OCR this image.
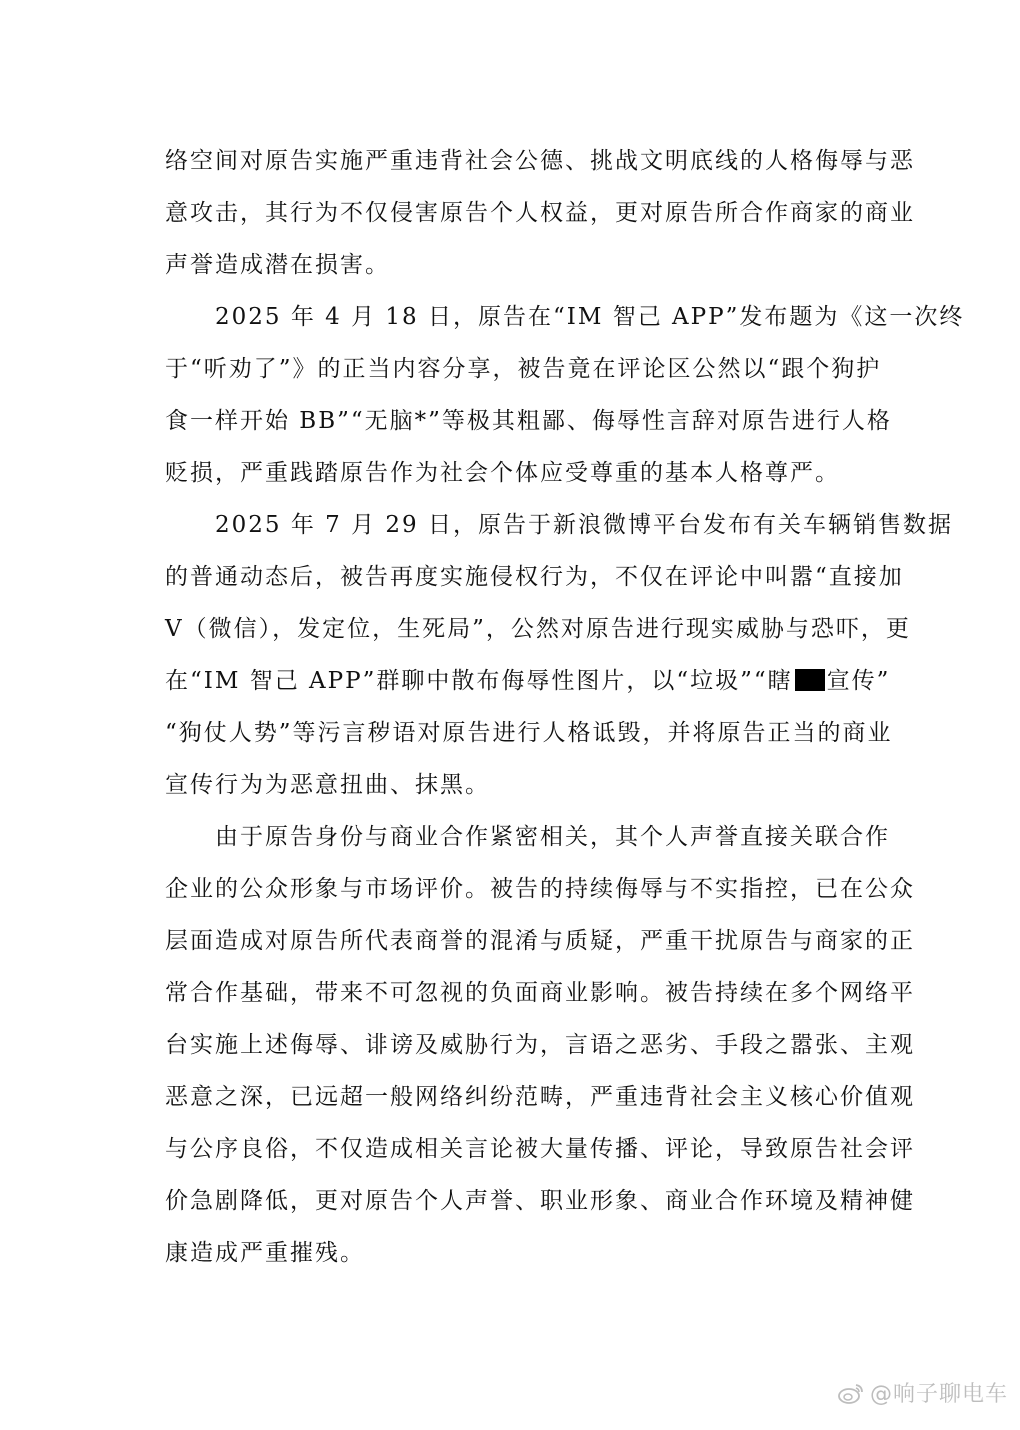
络空间对原告实施严重违背社会公德、挑战文明底线的人格侮辱与恶
意攻击，其行为不仅侵害原告个人权益，更对原告所合作商家的商业
声誉造成潜在损害。
2025 年 4 月 18 日，原告在“IM 智己 APP”发布题为《这一次终
于“听劝了”》的正当内容分享，被告竟在评论区公然以“跟个狗护
食一样开始 BB”“无脑*”等极其粗鄙、侮辱性言辞对原告进行人格
贬损，严重践踏原告作为社会个体应受尊重的基本人格尊严。
2025 年 7 月 29 日，原告于新浪微博平台发布有关车辆销售数据
的普通动态后，被告再度实施侵权行为，不仅在评论中叫嚣“直接加
V（微信），发定位，生死局”，公然对原告进行现实威胁与恐吓，更
在“IM 智己 APP”群聊中散布侮辱性图片，以“垃圾”“瞎 宣传”
“狗仗人势”等污言秽语对原告进行人格诋毁，并将原告正当的商业
宣传行为为恶意扭曲、抹黑。
由于原告身份与商业合作紧密相关，其个人声誉直接关联合作
企业的公众形象与市场评价。被告的持续侮辱与不实指控，已在公众
层面造成对原告所代表商誉的混淆与质疑，严重干扰原告与商家的正
常合作基础，带来不可忽视的负面商业影响。被告持续在多个网络平
台实施上述侮辱、诽谤及威胁行为，言语之恶劣、手段之嚣张、主观
恶意之深，已远超一般网络纠纷范畴，严重违背社会主义核心价值观
与公序良俗，不仅造成相关言论被大量传播、评论，导致原告社会评
价急剧降低，更对原告个人声誉、职业形象、商业合作环境及精神健
康造成严重摧残。
@响子聊电车
